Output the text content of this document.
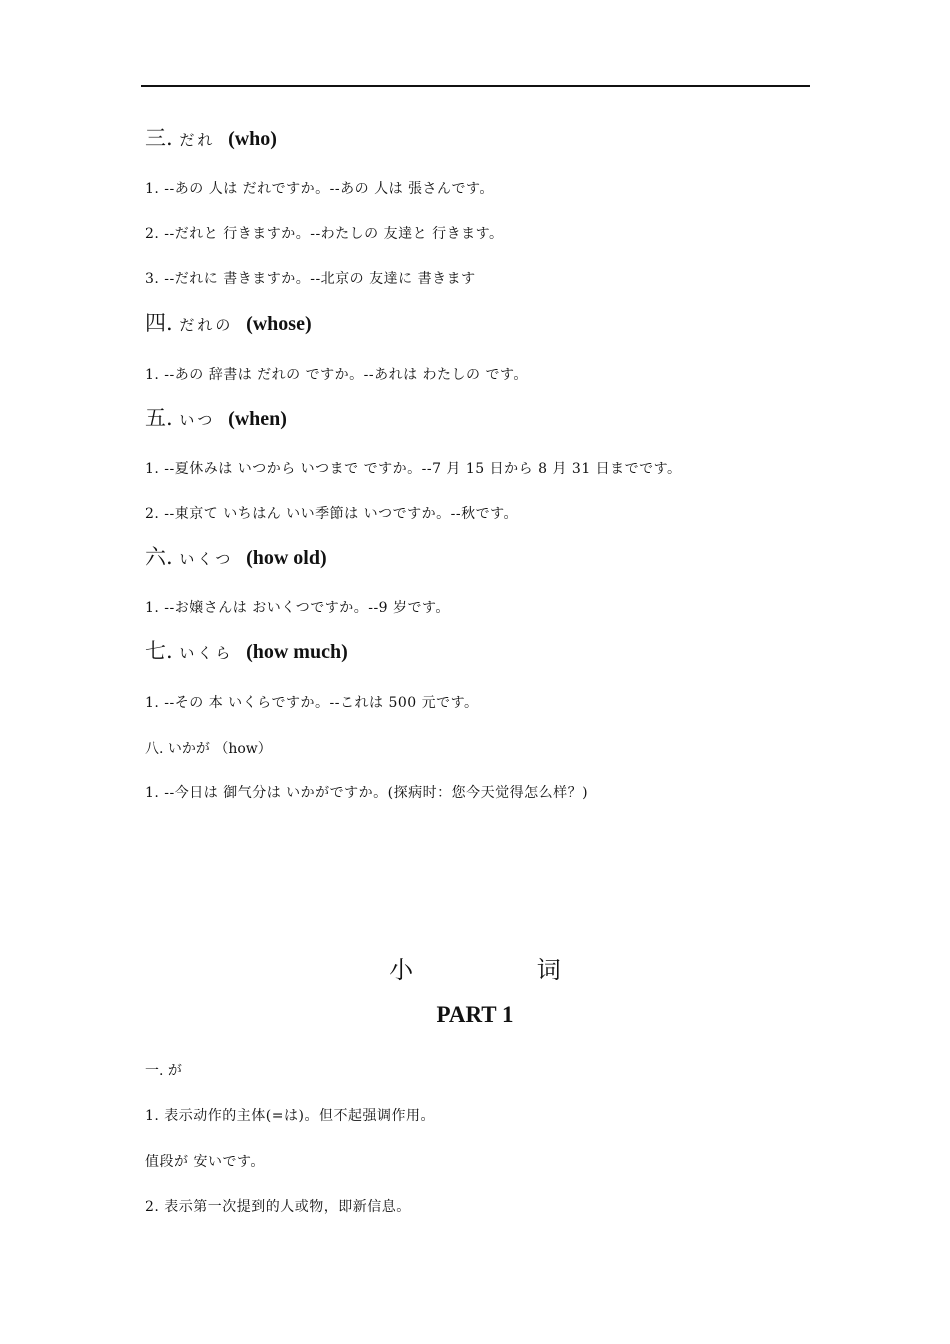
三. だれ (who)
1. --あの 人は だれですか。--あの 人は 張さんです。
2. --だれと 行きますか。--わたしの 友達と 行きます。
3. --だれに 書きますか。--北京の 友達に 書きます
四. だれの (whose)
1. --あの 辞書は だれの ですか。--あれは わたしの です。
五. いつ (when)
1. --夏休みは いつから いつまで ですか。--7 月 15 日から 8 月 31 日までです。
2. --東京て いちはん いい季節は いつですか。--秋です。
六. いくつ (how old)
1. --お嬢さんは おいくつですか。--9 岁です。
七. いくら (how much)
1. --その 本 いくらですか。--これは 500 元です。
八. いかが （how）
1. --今日は 御气分は いかがですか。(探病时：您今天觉得怎么样？)
小 词
PART 1
一. が
1. 表示动作的主体(=は)。但不起强调作用。
值段が 安いです。
2. 表示第一次提到的人或物，即新信息。
